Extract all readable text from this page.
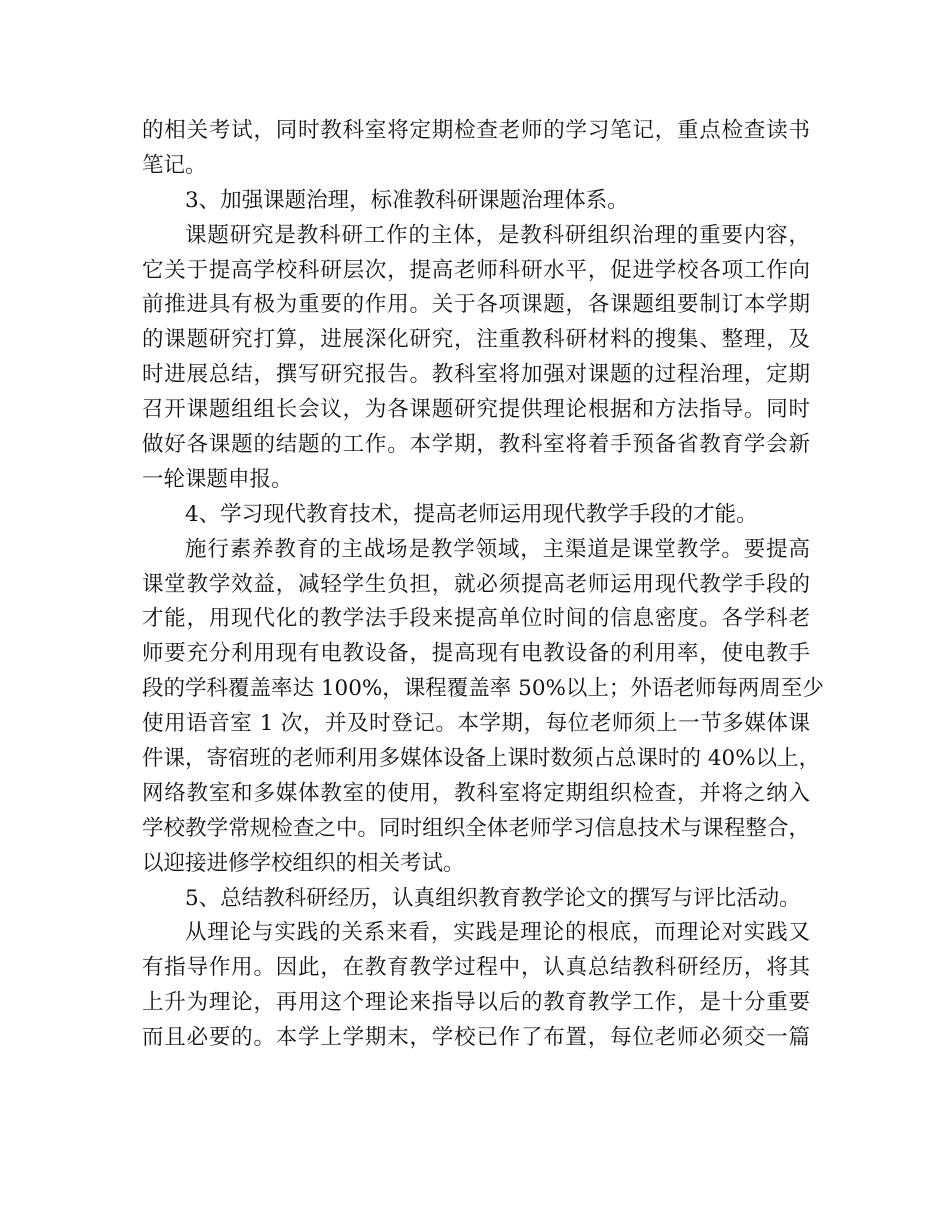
的相关考试，同时教科室将定期检查老师的学习笔记，重点检查读书
笔记。
3、加强课题治理，标准教科研课题治理体系。
课题研究是教科研工作的主体，是教科研组织治理的重要内容，
它关于提高学校科研层次，提高老师科研水平，促进学校各项工作向
前推进具有极为重要的作用。关于各项课题，各课题组要制订本学期
的课题研究打算，进展深化研究，注重教科研材料的搜集、整理，及
时进展总结，撰写研究报告。教科室将加强对课题的过程治理，定期
召开课题组组长会议，为各课题研究提供理论根据和方法指导。同时
做好各课题的结题的工作。本学期，教科室将着手预备省教育学会新
一轮课题申报。
4、学习现代教育技术，提高老师运用现代教学手段的才能。
施行素养教育的主战场是教学领域，主渠道是课堂教学。要提高
课堂教学效益，减轻学生负担，就必须提高老师运用现代教学手段的
才能，用现代化的教学法手段来提高单位时间的信息密度。各学科老
师要充分利用现有电教设备，提高现有电教设备的利用率，使电教手
段的学科覆盖率达 100%，课程覆盖率 50%以上；外语老师每两周至少
使用语音室 1 次，并及时登记。本学期，每位老师须上一节多媒体课
件课，寄宿班的老师利用多媒体设备上课时数须占总课时的 40%以上，
网络教室和多媒体教室的使用，教科室将定期组织检查，并将之纳入
学校教学常规检查之中。同时组织全体老师学习信息技术与课程整合，
以迎接进修学校组织的相关考试。
5、总结教科研经历，认真组织教育教学论文的撰写与评比活动。
从理论与实践的关系来看，实践是理论的根底，而理论对实践又
有指导作用。因此，在教育教学过程中，认真总结教科研经历，将其
上升为理论，再用这个理论来指导以后的教育教学工作，是十分重要
而且必要的。本学上学期末，学校已作了布置，每位老师必须交一篇
